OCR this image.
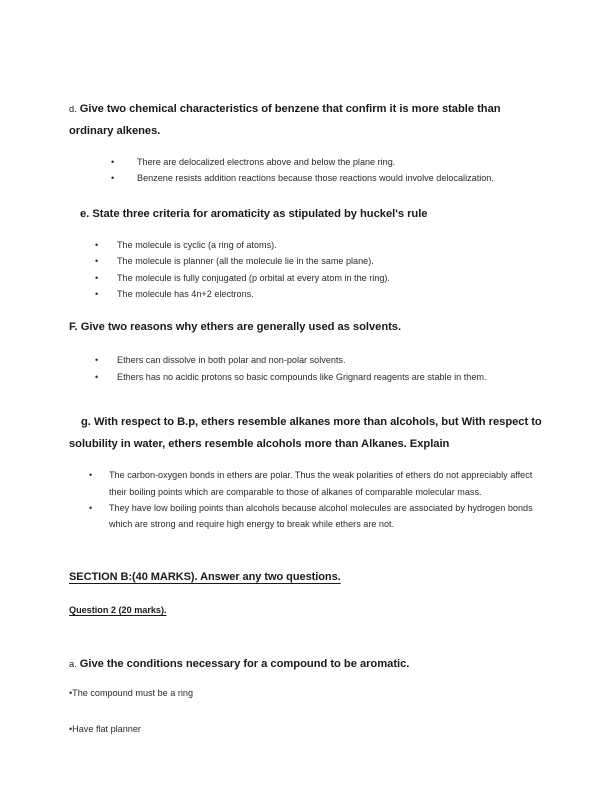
d. Give two chemical characteristics of benzene that confirm it is more stable than ordinary alkenes.

• There are delocalized electrons above and below the plane ring.
• Benzene resists addition reactions because those reactions would involve delocalization.

e. State three criteria for aromaticity as stipulated by huckel's rule

• The molecule is cyclic (a ring of atoms).
• The molecule is planner (all the molecule lie in the same plane).
• The molecule is fully conjugated (p orbital at every atom in the ring).
• The molecule has 4n+2 electrons.

F. Give two reasons why ethers are generally used as solvents.

• Ethers can dissolve in both polar and non-polar solvents.
• Ethers has no acidic protons so basic compounds like Grignard reagents are stable in them.

g. With respect to B.p, ethers resemble alkanes more than alcohols, but With respect to solubility in water, ethers resemble alcohols more than Alkanes. Explain

• The carbon-oxygen bonds in ethers are polar. Thus the weak polarities of ethers do not appreciably affect their boiling points which are comparable to those of alkanes of comparable molecular mass.
• They have low boiling points than alcohols because alcohol molecules are associated by hydrogen bonds which are strong and require high energy to break while ethers are not.

SECTION B:(40 MARKS). Answer any two questions.

Question 2 (20 marks).

a. Give the conditions necessary for a compound to be aromatic.

•The compound must be a ring

•Have flat planner
